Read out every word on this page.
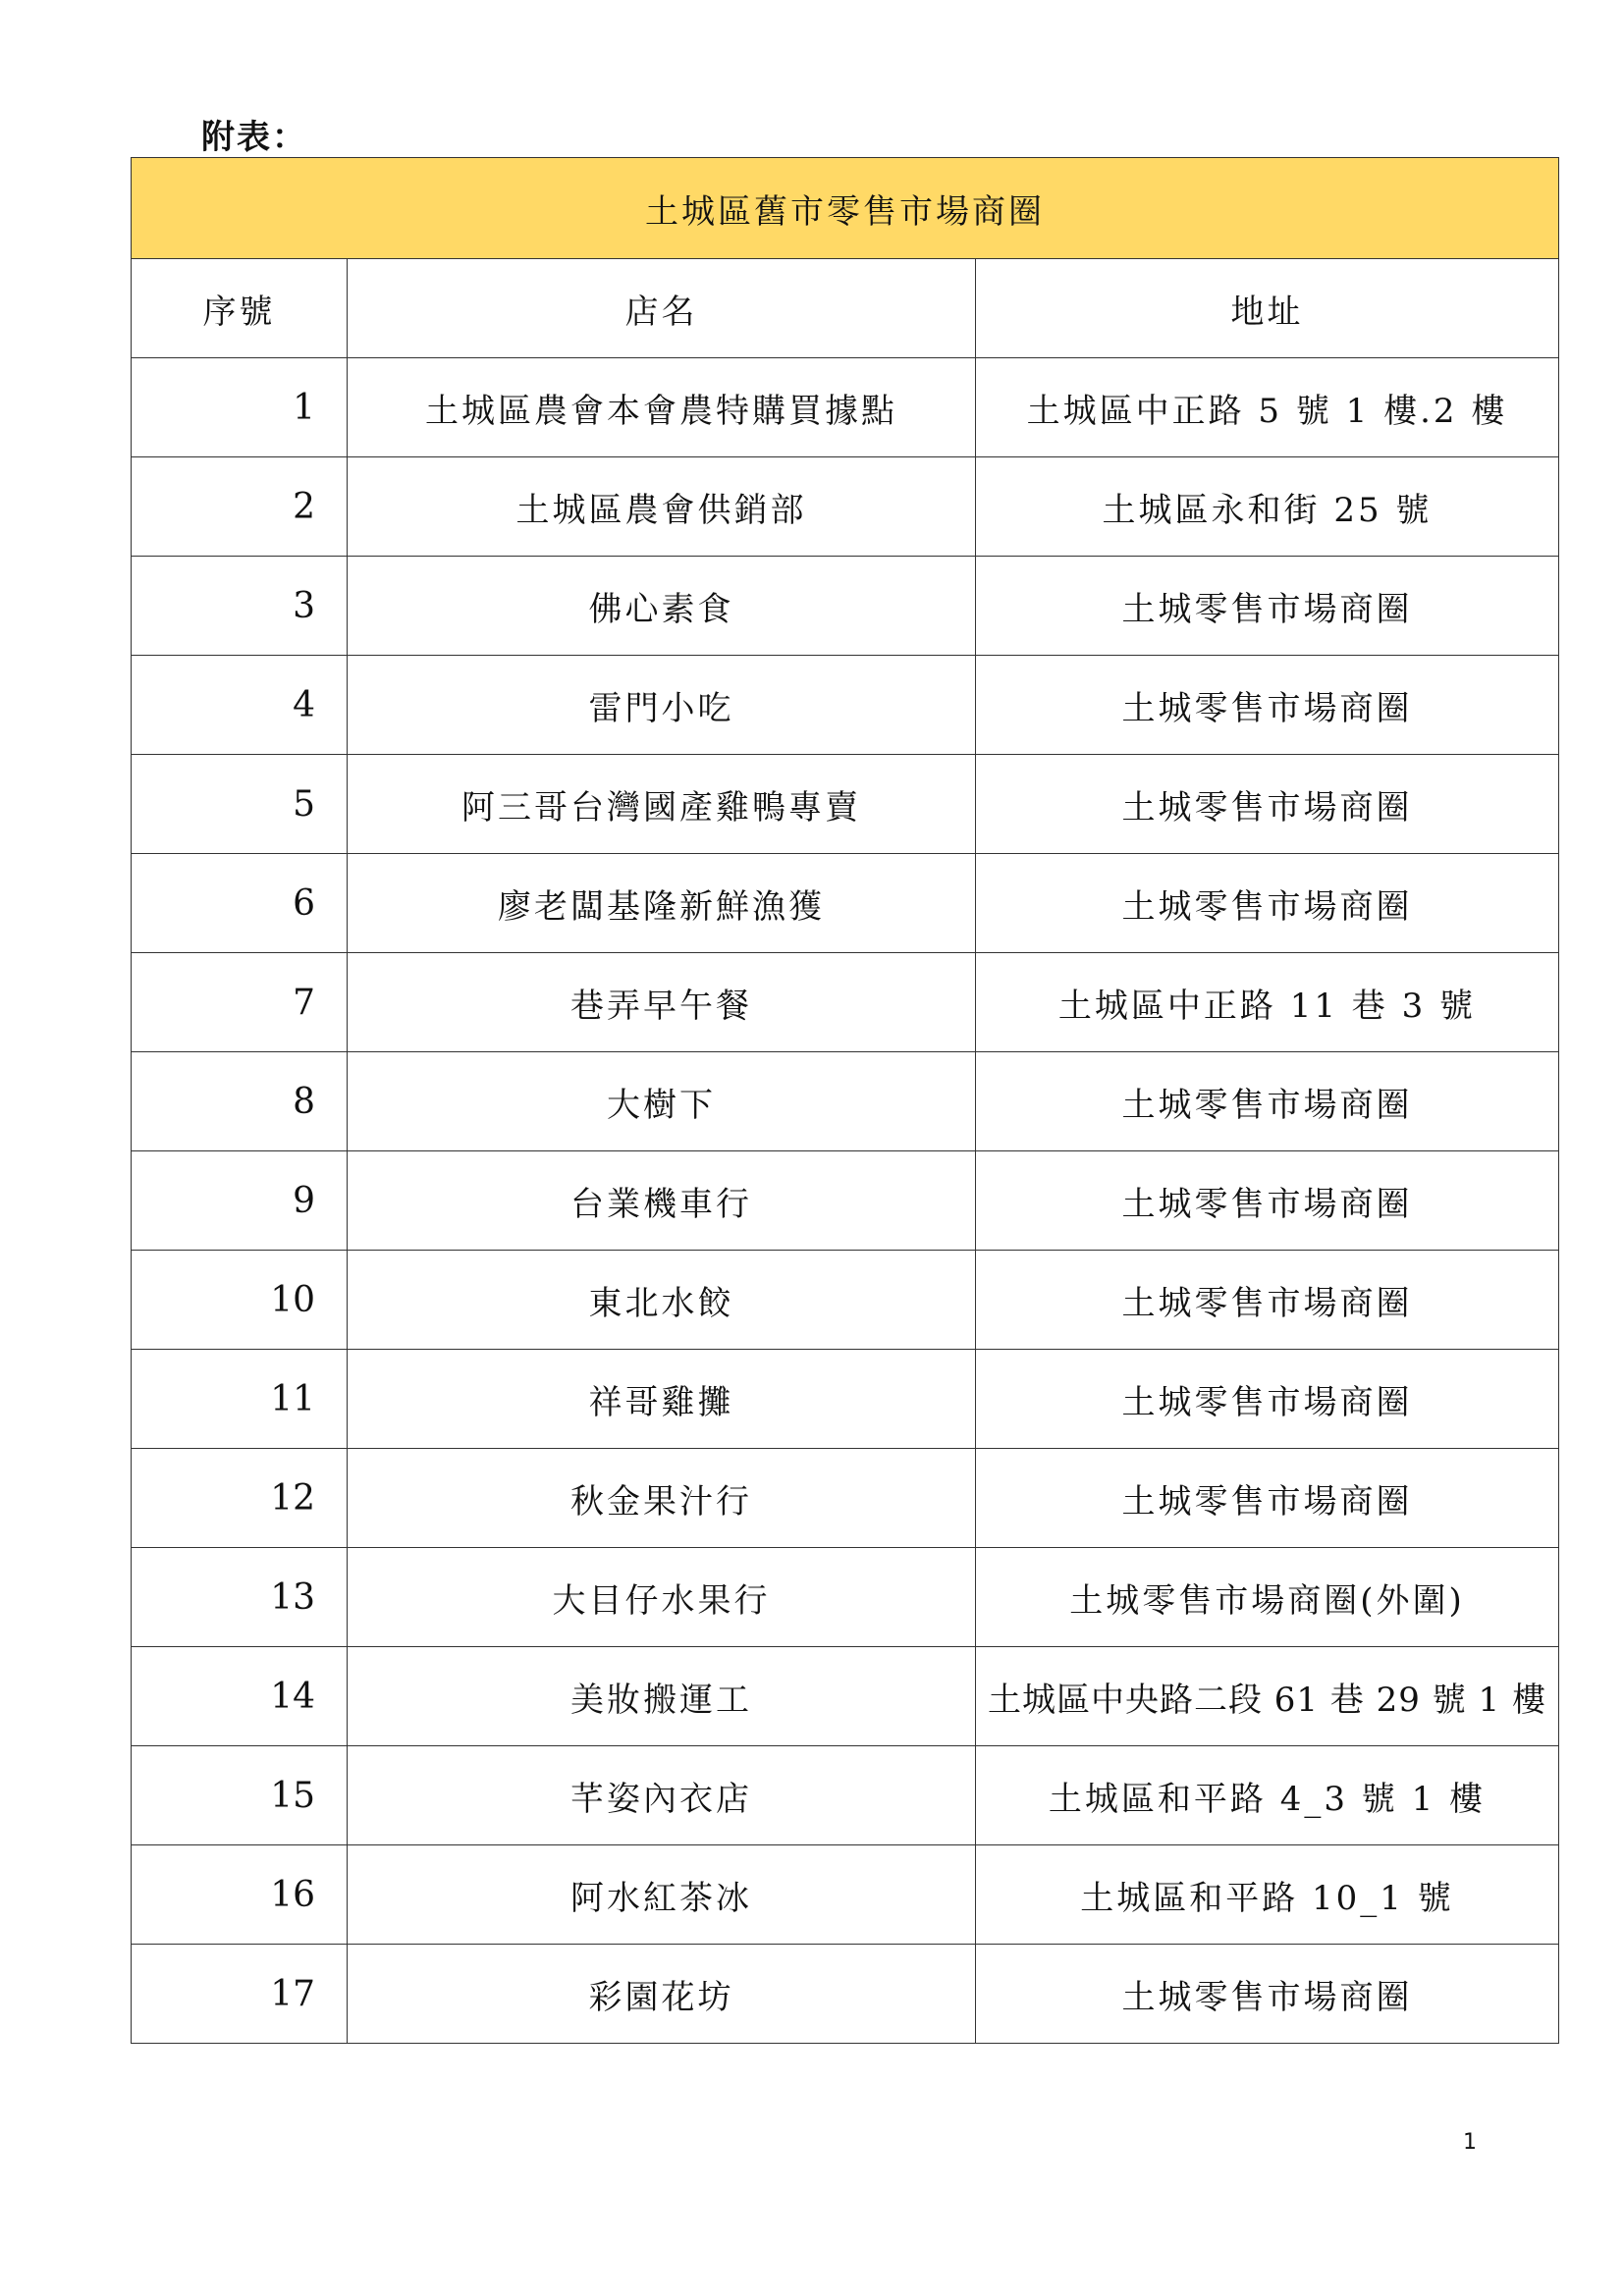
附表：
土城區舊市零售市場商圈		
序號	店名	地址
1	土城區農會本會農特購買據點	土城區中正路 5 號 1 樓.2 樓
2	土城區農會供銷部	土城區永和街 25 號
3	佛心素食	土城零售市場商圈
4	雷門小吃	土城零售市場商圈
5	阿三哥台灣國產雞鴨專賣	土城零售市場商圈
6	廖老闆基隆新鮮漁獲	土城零售市場商圈
7	巷弄早午餐	土城區中正路 11 巷 3 號
8	大樹下	土城零售市場商圈
9	台業機車行	土城零售市場商圈
10	東北水餃	土城零售市場商圈
11	祥哥雞攤	土城零售市場商圈
12	秋金果汁行	土城零售市場商圈
13	大目仔水果行	土城零售市場商圈(外圍)
14	美妝搬運工	土城區中央路二段 61 巷 29 號 1 樓
15	芊姿內衣店	土城區和平路 4_3 號 1 樓
16	阿水紅茶冰	土城區和平路 10_1 號
17	彩園花坊	土城零售市場商圈
1
